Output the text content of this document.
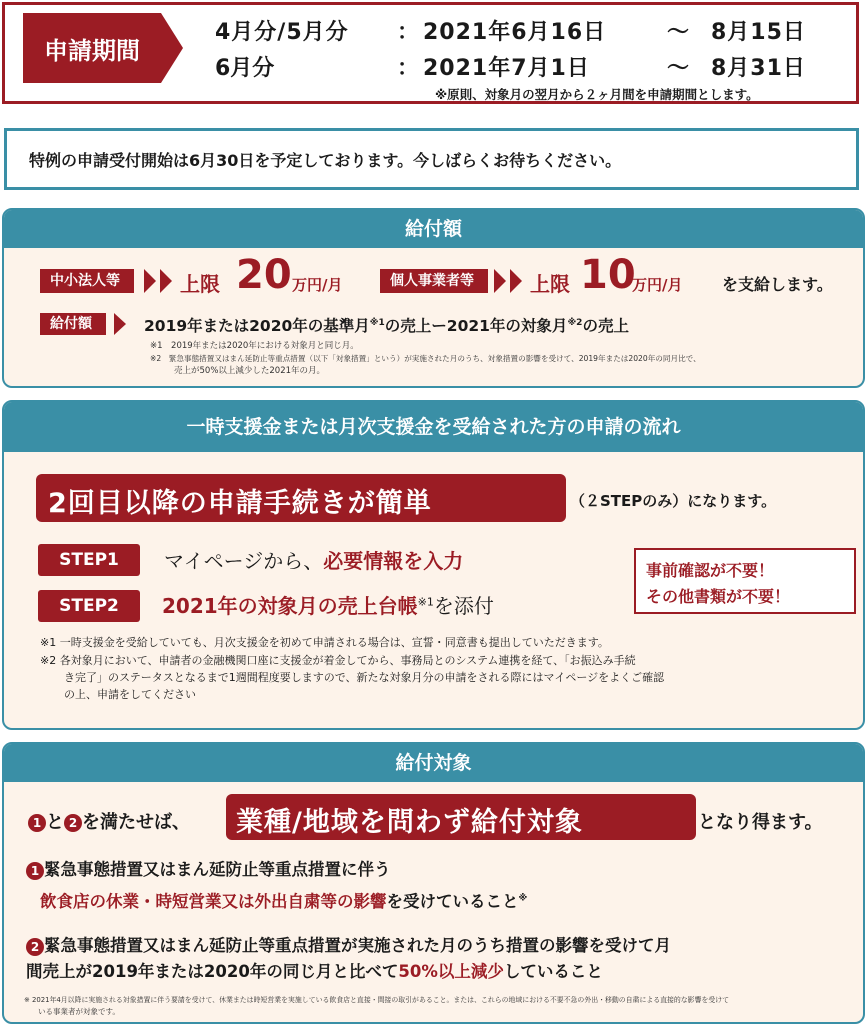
申請期間
4月分/5月分 ： 2021年6月16日	～ 8月15日
6月分	： 2021年7月1日	～ 8月31日
※原則、対象月の翌月から２ヶ月間を申請期間とします。
特例の申請受付開始は6月30日を予定しております。今しばらくお待ちください。
給付額
中小法人等	上限 20 万円/月	個人事業者等	上限 10
万円/月 を支給します。
給付額	2019年または2020年の基準月$^{※1}$の売上ー2021年の対象月$^{※2}$の売上
※1　2019年または2020年における対象月と同じ月。
※2　緊急事態措置又はまん延防止等重点措置（以下「対象措置」という）が実施された月のうち、対象措置の影響を受けて、2019年または2020年の同月比で、
売上が50%以上減少した2021年の月。
一時支援金または月次支援金を受給された方の申請の流れ
2回目以降の申請手続きが簡単	（２STEPのみ）になります。
STEP1	マイページから、必要情報を入力
STEP2	2021年の対象月の売上台帳$^{※1}$を添付
事前確認が不要！
その他書類が不要！
※1 一時支援金を受給していても、月次支援金を初めて申請される場合は、宣誓・同意書も提出していただきます。
※2 各対象月において、申請者の金融機関口座に支援金が着金してから、事務局とのシステム連携を経て、「お振込み手続
き完了」のステータスとなるまで1週間程度要しますので、新たな対象月分の申請をされる際にはマイページをよくご確認
の上、申請をしてください
給付対象
1 と 2 を満たせば、 業種/地域を問わず給付対象	となり得ます。
1 緊急事態措置又はまん延防止等重点措置に伴う
飲食店の休業・時短営業又は外出自粛等の影響を受けていること※
2 緊急事態措置又はまん延防止等重点措置が実施された月のうち措置の影響を受けて月
間売上が2019年または2020年の同じ月と比べて50%以上減少していること
※ 2021年4月以降に実施される対象措置に伴う要請を受けて、休業または時短営業を実施している飲食店と直接・間接の取引があること。または、これらの地域における不要不急の外出・移動の自粛による直接的な影響を受けて
いる事業者が対象です。
